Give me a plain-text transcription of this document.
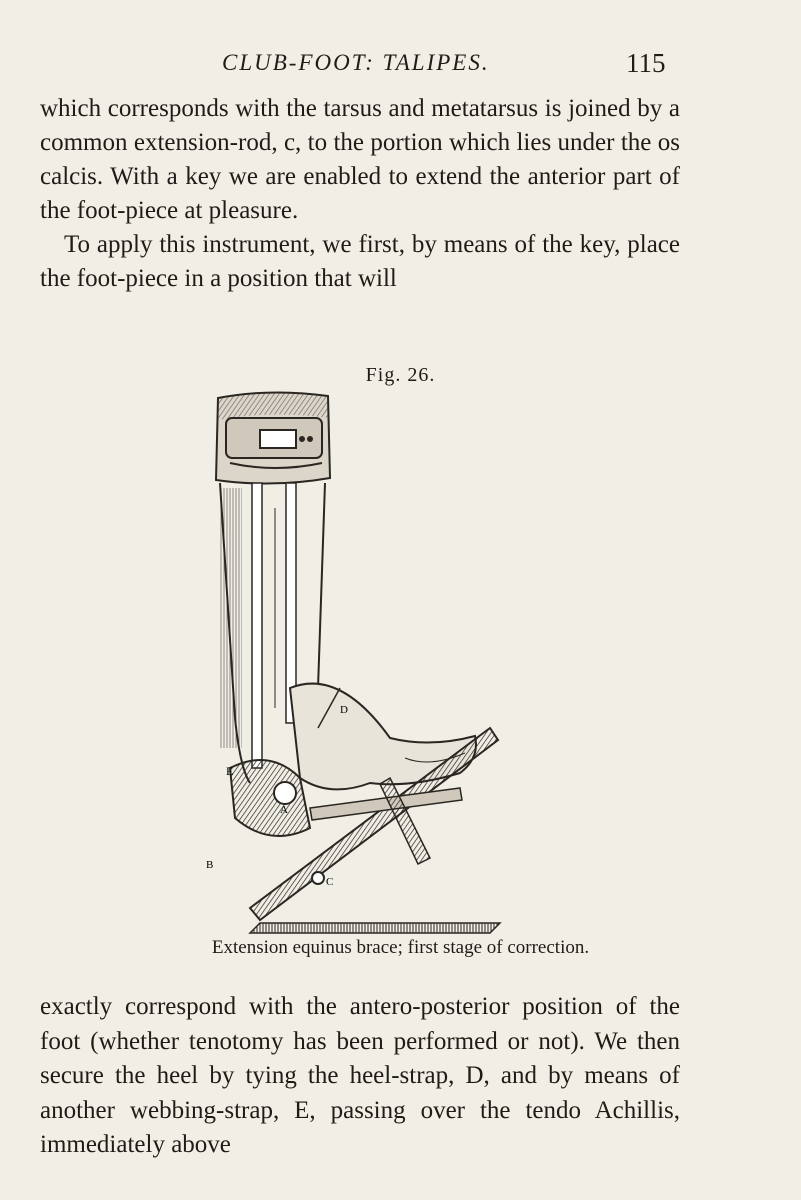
CLUB-FOOT: TALIPES.	115

which corresponds with the tarsus and metatarsus is joined by a common extension-rod, c, to the portion which lies under the os calcis. With a key we are enabled to extend the anterior part of the foot-piece at pleasure.

To apply this instrument, we first, by means of the key, place the foot-piece in a position that will

Fig. 26.
E
D
A
C
B
Extension equinus brace; first stage of correction.

exactly correspond with the antero-posterior position of the foot (whether tenotomy has been performed or not). We then secure the heel by tying the heel-strap, D, and by means of another webbing-strap, E, passing over the tendo Achillis, immediately above
